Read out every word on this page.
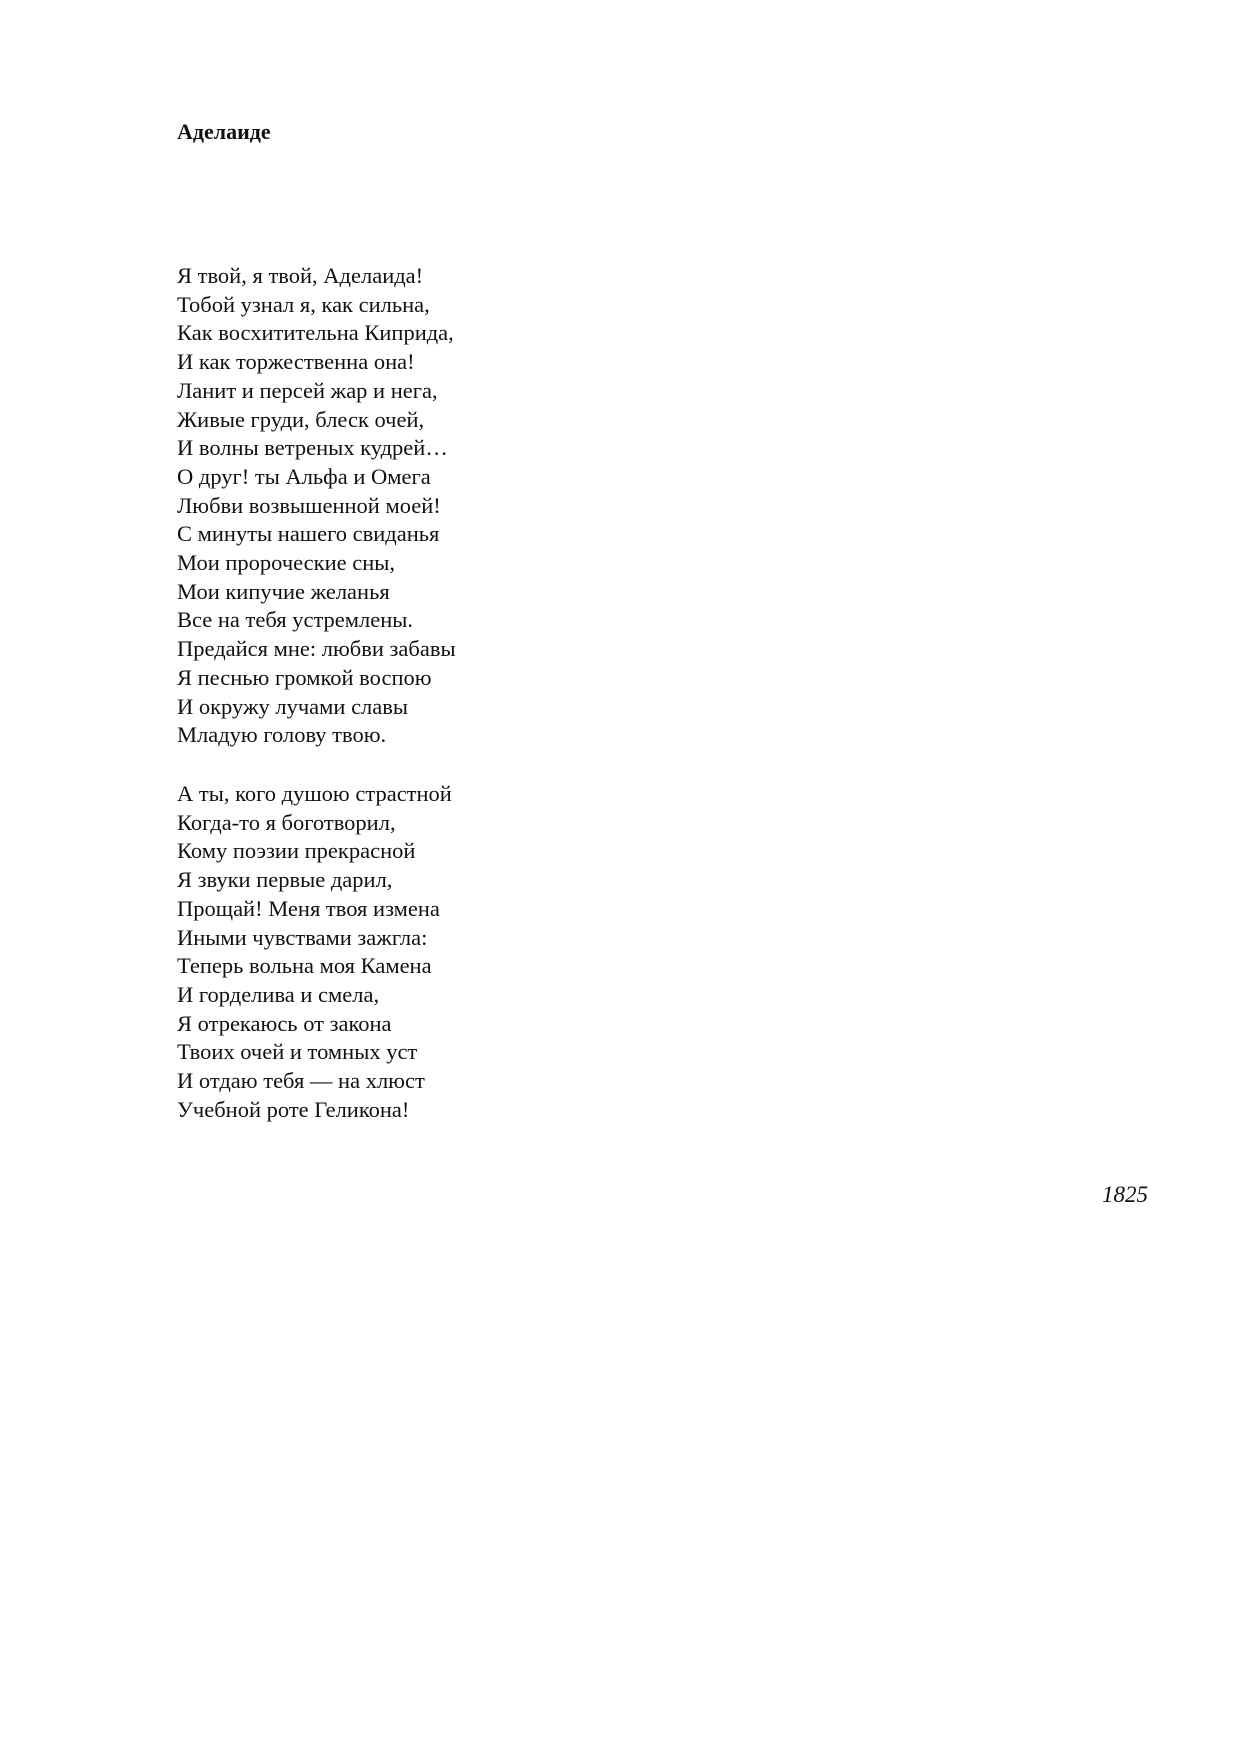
Аделаиде
Я твой, я твой, Аделаида!
Тобой узнал я, как сильна,
Как восхитительна Киприда,
И как торжественна она!
Ланит и персей жар и нега,
Живые груди, блеск очей,
И волны ветреных кудрей…
О друг! ты Альфа и Омега
Любви возвышенной моей!
С минуты нашего свиданья
Мои пророческие сны,
Мои кипучие желанья
Все на тебя устремлены.
Предайся мне: любви забавы
Я песнью громкой воспою
И окружу лучами славы
Младую голову твою.
А ты, кого душою страстной
Когда-то я боготворил,
Кому поэзии прекрасной
Я звуки первые дарил,
Прощай! Меня твоя измена
Иными чувствами зажгла:
Теперь вольна моя Камена
И горделива и смела,
Я отрекаюсь от закона
Твоих очей и томных уст
И отдаю тебя — на хлюст
Учебной роте Геликона!

1825
